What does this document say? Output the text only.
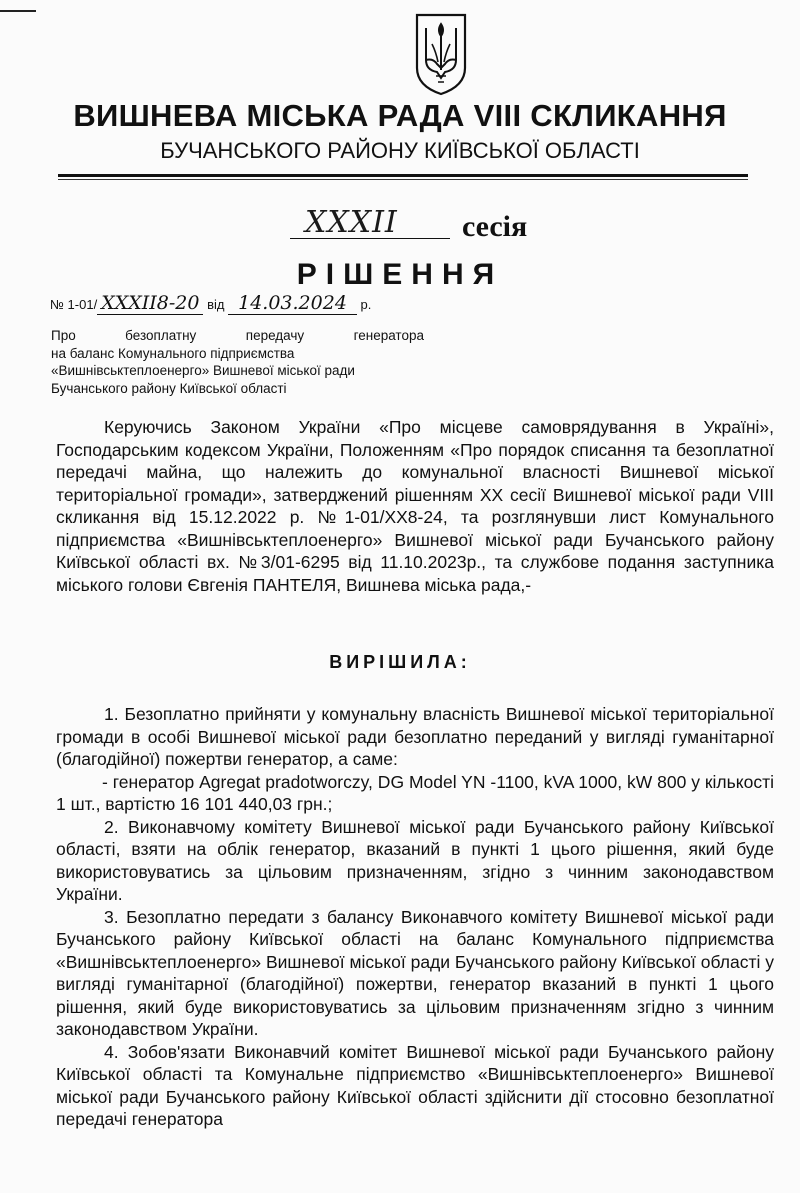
ВИШНЕВА МІСЬКА РАДА VIII СКЛИКАННЯ
БУЧАНСЬКОГО РАЙОНУ КИЇВСЬКОЇ ОБЛАСТІ
XXXII сесія
РІШЕННЯ
№ 1-01/ XXXII8-20 від 14.03.2024 р.
Про безоплатну передачу генератора
на баланс Комунального підприємства
«Вишнівськтеплоенерго» Вишневої міської ради
Бучанського району Київської області
Керуючись Законом України «Про місцеве самоврядування в Україні», Господарським кодексом України, Положенням «Про порядок списання та безоплатної передачі майна, що належить до комунальної власності Вишневої міської територіальної громади», затверджений рішенням XX сесії Вишневої міської ради VIII скликання від 15.12.2022 р. №1-01/XX8-24, та розглянувши лист Комунального підприємства «Вишнівськтеплоенерго» Вишневої міської ради Бучанського району Київської області вх. №3/01-6295 від 11.10.2023р., та службове подання заступника міського голови Євгенія ПАНТЕЛЯ, Вишнева міська рада,-
ВИРІШИЛА:

1. Безоплатно прийняти у комунальну власність Вишневої міської територіальної громади в особі Вишневої міської ради безоплатно переданий у вигляді гуманітарної (благодійної) пожертви генератор, а саме:

- генератор Agregat pradotworczy, DG Model YN -1100, kVA 1000, kW 800 у кількості 1 шт., вартістю 16 101 440,03 грн.;

2. Виконавчому комітету Вишневої міської ради Бучанського району Київської області, взяти на облік генератор, вказаний в пункті 1 цього рішення, який буде використовуватись за цільовим призначенням, згідно з чинним законодавством України.

3. Безоплатно передати з балансу Виконавчого комітету Вишневої міської ради Бучанського району Київської області на баланс Комунального підприємства «Вишнівськтеплоенерго» Вишневої міської ради Бучанського району Київської області у вигляді гуманітарної (благодійної) пожертви, генератор вказаний в пункті 1 цього рішення, який буде використовуватись за цільовим призначенням згідно з чинним законодавством України.

4. Зобов'язати Виконавчий комітет Вишневої міської ради Бучанського району Київської області та Комунальне підприємство «Вишнівськтеплоенерго» Вишневої міської ради Бучанського району Київської області здійснити дії стосовно безоплатної передачі генератора
